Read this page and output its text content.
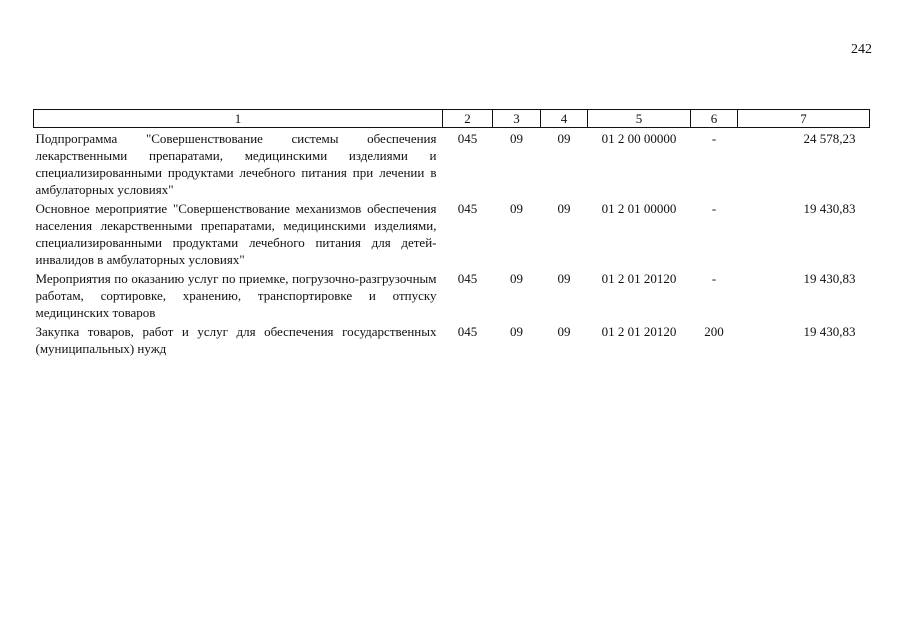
242
1	2	3	4	5	6	7
Подпрограмма "Совершенствование системы обеспечения лекарственными препаратами, медицинскими изделиями и специализированными продуктами лечебного питания при лечении в амбулаторных условиях"	045	09	09	01 2 00 00000	-	24 578,23
Основное мероприятие "Совершенствование механизмов обеспечения населения лекарственными препаратами, медицинскими изделиями, специализированными продуктами лечебного питания для детей-инвалидов в амбулаторных условиях"	045	09	09	01 2 01 00000	-	19 430,83
Мероприятия по оказанию услуг по приемке, погрузочно-разгрузочным работам, сортировке, хранению, транспортировке и отпуску медицинских товаров	045	09	09	01 2 01 20120	-	19 430,83
Закупка товаров, работ и услуг для обеспечения государственных (муниципальных) нужд	045	09	09	01 2 01 20120	200	19 430,83
